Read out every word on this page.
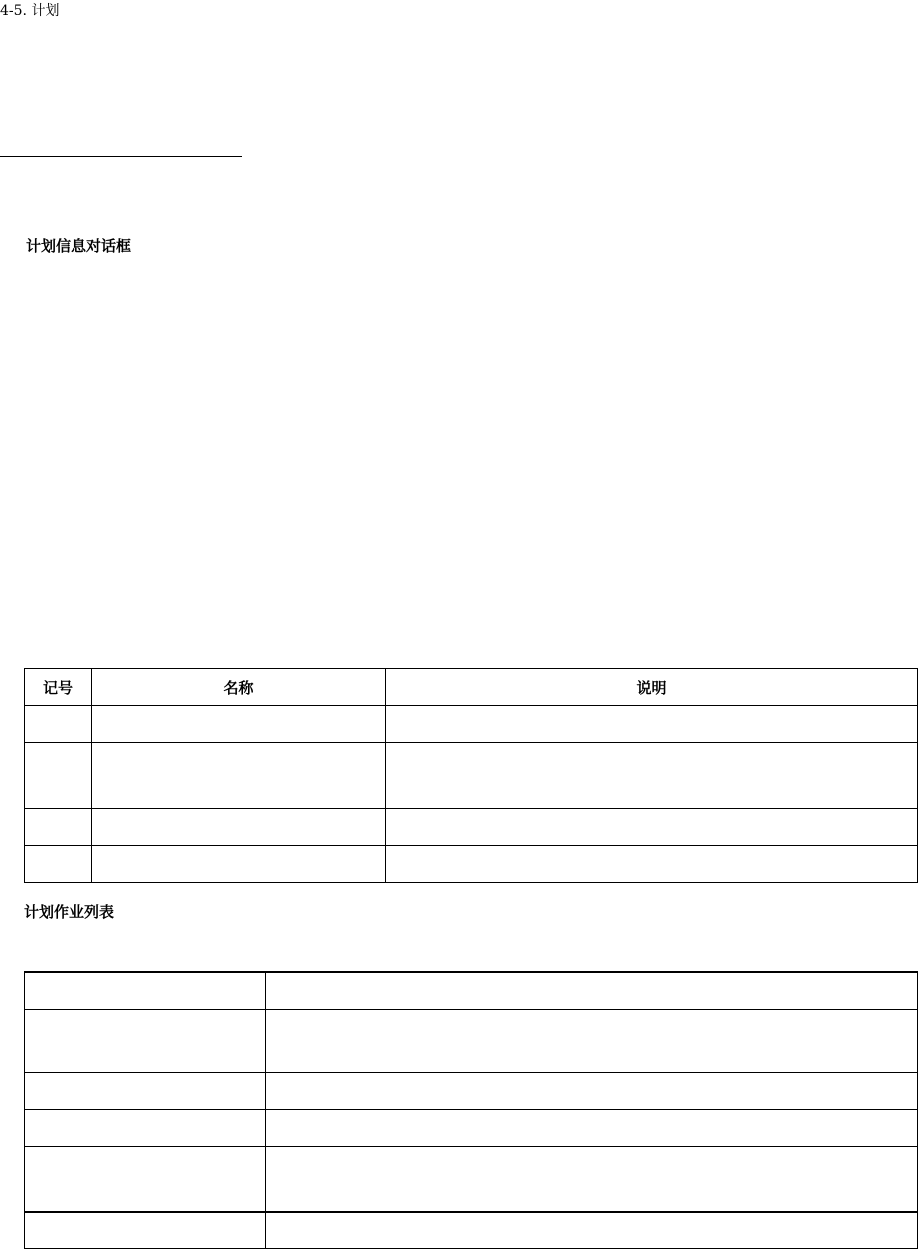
4-5. 计划
计划信息对话框
记号	名称	说明

计划作业列表
